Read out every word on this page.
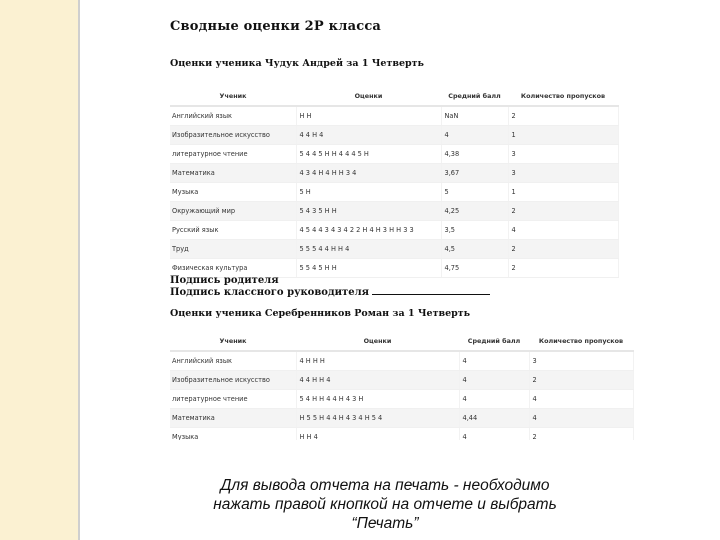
Сводные оценки 2Р класса
Оценки ученика Чудук Андрей за 1 Четверть
Ученик	Оценки	Средний балл	Количество пропусков
Английский язык	Н Н	NaN	2
Изобразительное искусство	4 4 Н 4	4	1
литературное чтение	5 4 4 5 Н Н 4 4 4 5 Н	4,38	3
Математика	4 3 4 Н 4 Н Н 3 4	3,67	3
Музыка	5 Н	5	1
Окружающий мир	5 4 3 5 Н Н	4,25	2
Русский язык	4 5 4 4 3 4 3 4 2 2 Н 4 Н 3 Н Н 3 3	3,5	4
Труд	5 5 5 4 4 Н Н 4	4,5	2
Физическая культура	5 5 4 5 Н Н	4,75	2
Подпись родителя
Подпись классного руководителя
Оценки ученика Серебренников Роман за 1 Четверть
Ученик	Оценки	Средний балл	Количество пропусков
Английский язык	4 Н Н Н	4	3
Изобразительное искусство	4 4 Н Н 4	4	2
литературное чтение	5 4 Н Н 4 4 Н 4 3 Н	4	4
Математика	Н 5 5 Н 4 4 Н 4 3 4 Н 5 4	4,44	4
Музыка	Н Н 4	4	2
Для вывода отчета на печать - необходимо
нажать правой кнопкой на отчете и выбрать
“Печать”
